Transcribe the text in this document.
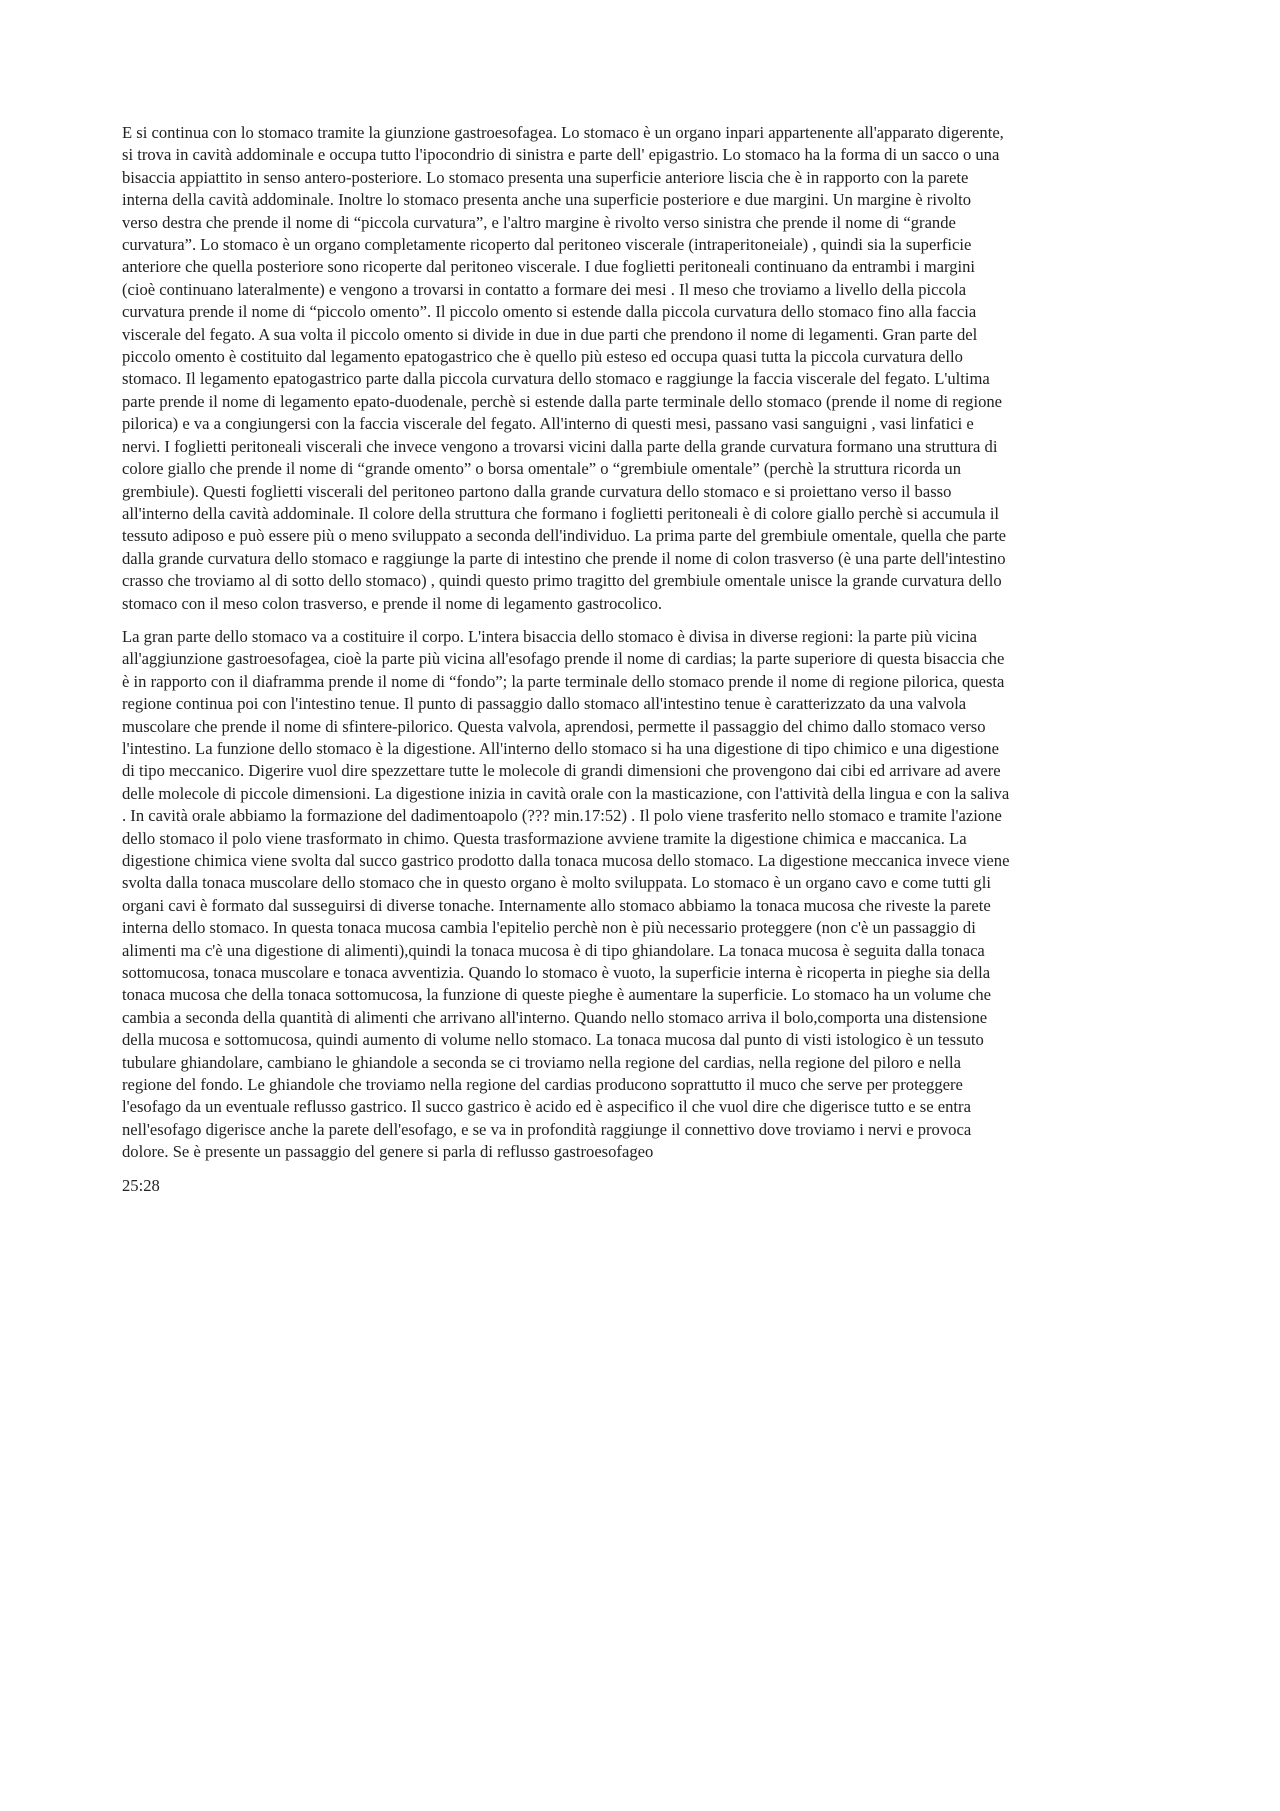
E si continua con lo stomaco tramite la giunzione gastroesofagea. Lo stomaco è un organo inpari appartenente all'apparato digerente,
si trova in cavità addominale e occupa tutto l'ipocondrio di sinistra e parte dell' epigastrio. Lo stomaco ha la forma di un sacco o una
bisaccia appiattito in senso antero-posteriore. Lo stomaco presenta una superficie anteriore liscia che è in rapporto con la parete
interna della cavità addominale. Inoltre lo stomaco presenta anche una superficie posteriore e due margini. Un margine è rivolto
verso destra che prende il nome di “piccola curvatura”, e l'altro margine è rivolto verso sinistra che prende il nome di “grande
curvatura”. Lo stomaco è un organo completamente ricoperto dal peritoneo viscerale (intraperitoneiale) , quindi sia la superficie
anteriore che quella posteriore sono ricoperte dal peritoneo viscerale. I due foglietti peritoneali continuano da entrambi i margini
(cioè continuano lateralmente) e vengono a trovarsi in contatto a formare dei mesi . Il meso che troviamo a livello della piccola
curvatura prende il nome di “piccolo omento”. Il piccolo omento si estende dalla piccola curvatura dello stomaco fino alla faccia
viscerale del fegato. A sua volta il piccolo omento si divide in due in due parti che prendono il nome di legamenti. Gran parte del
piccolo omento è costituito dal legamento epatogastrico che è quello più esteso ed occupa quasi tutta la piccola curvatura dello
stomaco. Il legamento epatogastrico parte dalla piccola curvatura dello stomaco e raggiunge la faccia viscerale del fegato. L'ultima
parte prende il nome di legamento epato-duodenale, perchè si estende dalla parte terminale dello stomaco (prende il nome di regione
pilorica) e va a congiungersi con la faccia viscerale del fegato. All'interno di questi mesi, passano vasi sanguigni , vasi linfatici e
nervi. I foglietti peritoneali viscerali che invece vengono a trovarsi vicini dalla parte della grande curvatura formano una struttura di
colore giallo che prende il nome di “grande omento” o borsa omentale” o “grembiule omentale” (perchè la struttura ricorda un
grembiule). Questi foglietti viscerali del peritoneo partono dalla grande curvatura dello stomaco e si proiettano verso il basso
all'interno della cavità addominale. Il colore della struttura che formano i foglietti peritoneali è di colore giallo perchè si accumula il
tessuto adiposo e può essere più o meno sviluppato a seconda dell'individuo. La prima parte del grembiule omentale, quella che parte
dalla grande curvatura dello stomaco e raggiunge la parte di intestino che prende il nome di colon trasverso (è una parte dell'intestino
crasso che troviamo al di sotto dello stomaco) , quindi questo primo tragitto del grembiule omentale unisce la grande curvatura dello
stomaco con il meso colon trasverso, e prende il nome di legamento gastrocolico.

La gran parte dello stomaco va a costituire il corpo. L'intera bisaccia dello stomaco è divisa in diverse regioni: la parte più vicina
all'aggiunzione gastroesofagea, cioè la parte più vicina all'esofago prende il nome di cardias; la parte superiore di questa bisaccia che
è in rapporto con il diaframma prende il nome di “fondo”; la parte terminale dello stomaco prende il nome di regione pilorica, questa
regione continua poi con l'intestino tenue. Il punto di passaggio dallo stomaco all'intestino tenue è caratterizzato da una valvola
muscolare che prende il nome di sfintere-pilorico. Questa valvola, aprendosi, permette il passaggio del chimo dallo stomaco verso
l'intestino. La funzione dello stomaco è la digestione. All'interno dello stomaco si ha una digestione di tipo chimico e una digestione
di tipo meccanico. Digerire vuol dire spezzettare tutte le molecole di grandi dimensioni che provengono dai cibi ed arrivare ad avere
delle molecole di piccole dimensioni. La digestione inizia in cavità orale con la masticazione, con l'attività della lingua e con la saliva
. In cavità orale abbiamo la formazione del dadimentoapolo (??? min.17:52) . Il polo viene trasferito nello stomaco e tramite l'azione
dello stomaco il polo viene trasformato in chimo. Questa trasformazione avviene tramite la digestione chimica e maccanica. La
digestione chimica viene svolta dal succo gastrico prodotto dalla tonaca mucosa dello stomaco. La digestione meccanica invece viene
svolta dalla tonaca muscolare dello stomaco che in questo organo è molto sviluppata. Lo stomaco è un organo cavo e come tutti gli
organi cavi è formato dal susseguirsi di diverse tonache. Internamente allo stomaco abbiamo la tonaca mucosa che riveste la parete
interna dello stomaco. In questa tonaca mucosa cambia l'epitelio perchè non è più necessario proteggere (non c'è un passaggio di
alimenti ma c'è una digestione di alimenti),quindi la tonaca mucosa è di tipo ghiandolare. La tonaca mucosa è seguita dalla tonaca
sottomucosa, tonaca muscolare e tonaca avventizia. Quando lo stomaco è vuoto, la superficie interna è ricoperta in pieghe sia della
tonaca mucosa che della tonaca sottomucosa, la funzione di queste pieghe è aumentare la superficie. Lo stomaco ha un volume che
cambia a seconda della quantità di alimenti che arrivano all'interno. Quando nello stomaco arriva il bolo,comporta una distensione
della mucosa e sottomucosa, quindi aumento di volume nello stomaco. La tonaca mucosa dal punto di visti istologico è un tessuto
tubulare ghiandolare, cambiano le ghiandole a seconda se ci troviamo nella regione del cardias, nella regione del piloro e nella
regione del fondo. Le ghiandole che troviamo nella regione del cardias producono soprattutto il muco che serve per proteggere
l'esofago da un eventuale reflusso gastrico. Il succo gastrico è acido ed è aspecifico il che vuol dire che digerisce tutto e se entra
nell'esofago digerisce anche la parete dell'esofago, e se va in profondità raggiunge il connettivo dove troviamo i nervi e provoca
dolore. Se è presente un passaggio del genere si parla di reflusso gastroesofageo

25:28
